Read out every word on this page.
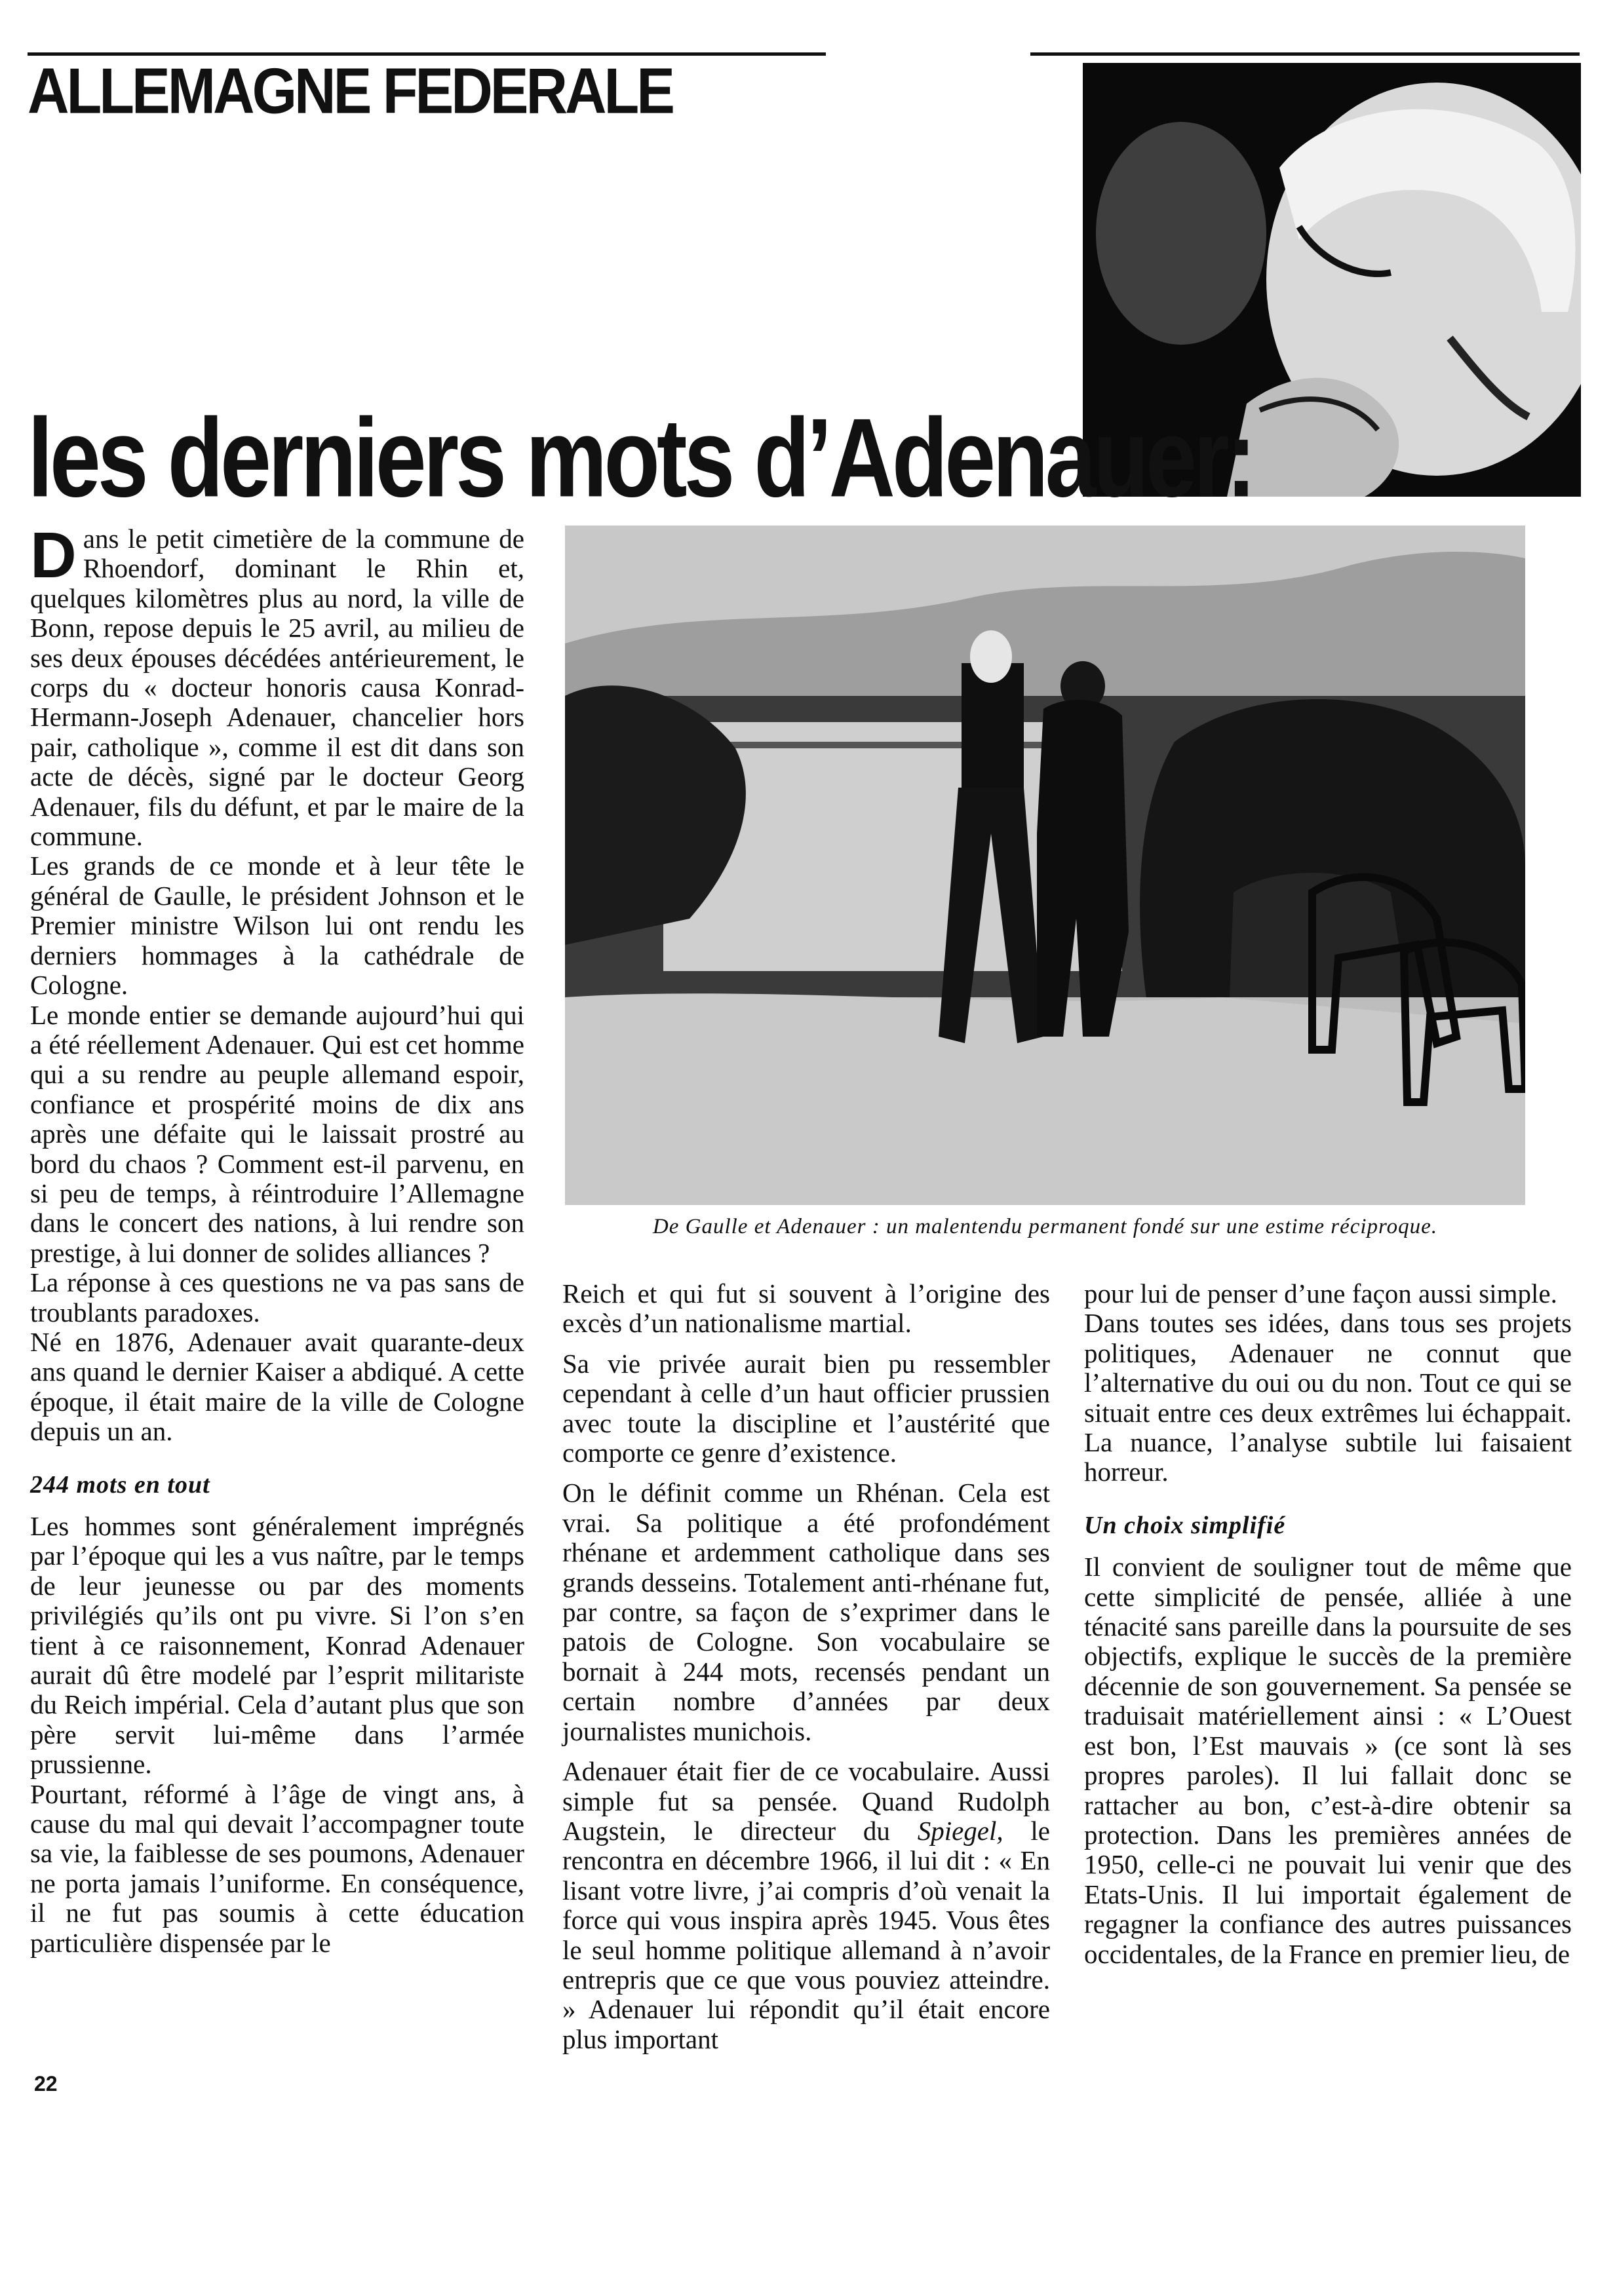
ALLEMAGNE FEDERALE
les derniers mots d’Adenauer:
De Gaulle et Adenauer : un malentendu permanent fondé sur une estime réciproque.

Dans le petit cimetière de la commune de Rhoendorf, dominant le Rhin et, quelques kilomètres plus au nord, la ville de Bonn, repose depuis le 25 avril, au milieu de ses deux épouses décédées antérieurement, le corps du « docteur honoris causa Konrad-Hermann-Joseph Adenauer, chancelier hors pair, catholique », comme il est dit dans son acte de décès, signé par le docteur Georg Adenauer, fils du défunt, et par le maire de la commune.

Les grands de ce monde et à leur tête le général de Gaulle, le président Johnson et le Premier ministre Wilson lui ont rendu les derniers hommages à la cathédrale de Cologne.

Le monde entier se demande aujourd’hui qui a été réellement Adenauer. Qui est cet homme qui a su rendre au peuple allemand espoir, confiance et prospérité moins de dix ans après une défaite qui le laissait prostré au bord du chaos ? Comment est-il parvenu, en si peu de temps, à réintroduire l’Allemagne dans le concert des nations, à lui rendre son prestige, à lui donner de solides alliances ?

La réponse à ces questions ne va pas sans de troublants paradoxes.

Né en 1876, Adenauer avait quarante-deux ans quand le dernier Kaiser a abdiqué. A cette époque, il était maire de la ville de Cologne depuis un an.

244 mots en tout

Les hommes sont généralement imprégnés par l’époque qui les a vus naître, par le temps de leur jeunesse ou par des moments privilégiés qu’ils ont pu vivre. Si l’on s’en tient à ce raisonnement, Konrad Adenauer aurait dû être modelé par l’esprit militariste du Reich impérial. Cela d’autant plus que son père servit lui-même dans l’armée prussienne.

Pourtant, réformé à l’âge de vingt ans, à cause du mal qui devait l’accompagner toute sa vie, la faiblesse de ses poumons, Adenauer ne porta jamais l’uniforme. En conséquence, il ne fut pas soumis à cette éducation particulière dispensée par le

Reich et qui fut si souvent à l’origine des excès d’un nationalisme martial.

Sa vie privée aurait bien pu ressembler cependant à celle d’un haut officier prussien avec toute la discipline et l’austérité que comporte ce genre d’existence.

On le définit comme un Rhénan. Cela est vrai. Sa politique a été profondément rhénane et ardemment catholique dans ses grands desseins. Totalement anti-rhénane fut, par contre, sa façon de s’exprimer dans le patois de Cologne. Son vocabulaire se bornait à 244 mots, recensés pendant un certain nombre d’années par deux journalistes munichois.

Adenauer était fier de ce vocabulaire. Aussi simple fut sa pensée. Quand Rudolph Augstein, le directeur du Spiegel, le rencontra en décembre 1966, il lui dit : « En lisant votre livre, j’ai compris d’où venait la force qui vous inspira après 1945. Vous êtes le seul homme politique allemand à n’avoir entrepris que ce que vous pouviez atteindre. » Adenauer lui répondit qu’il était encore plus important

pour lui de penser d’une façon aussi simple.

Dans toutes ses idées, dans tous ses projets politiques, Adenauer ne connut que l’alternative du oui ou du non. Tout ce qui se situait entre ces deux extrêmes lui échappait. La nuance, l’analyse subtile lui faisaient horreur.

Un choix simplifié

Il convient de souligner tout de même que cette simplicité de pensée, alliée à une ténacité sans pareille dans la poursuite de ses objectifs, explique le succès de la première décennie de son gouvernement. Sa pensée se traduisait matériellement ainsi : « L’Ouest est bon, l’Est mauvais » (ce sont là ses propres paroles). Il lui fallait donc se rattacher au bon, c’est-à-dire obtenir sa protection. Dans les premières années de 1950, celle-ci ne pouvait lui venir que des Etats-Unis. Il lui importait également de regagner la confiance des autres puissances occidentales, de la France en premier lieu, de

22
